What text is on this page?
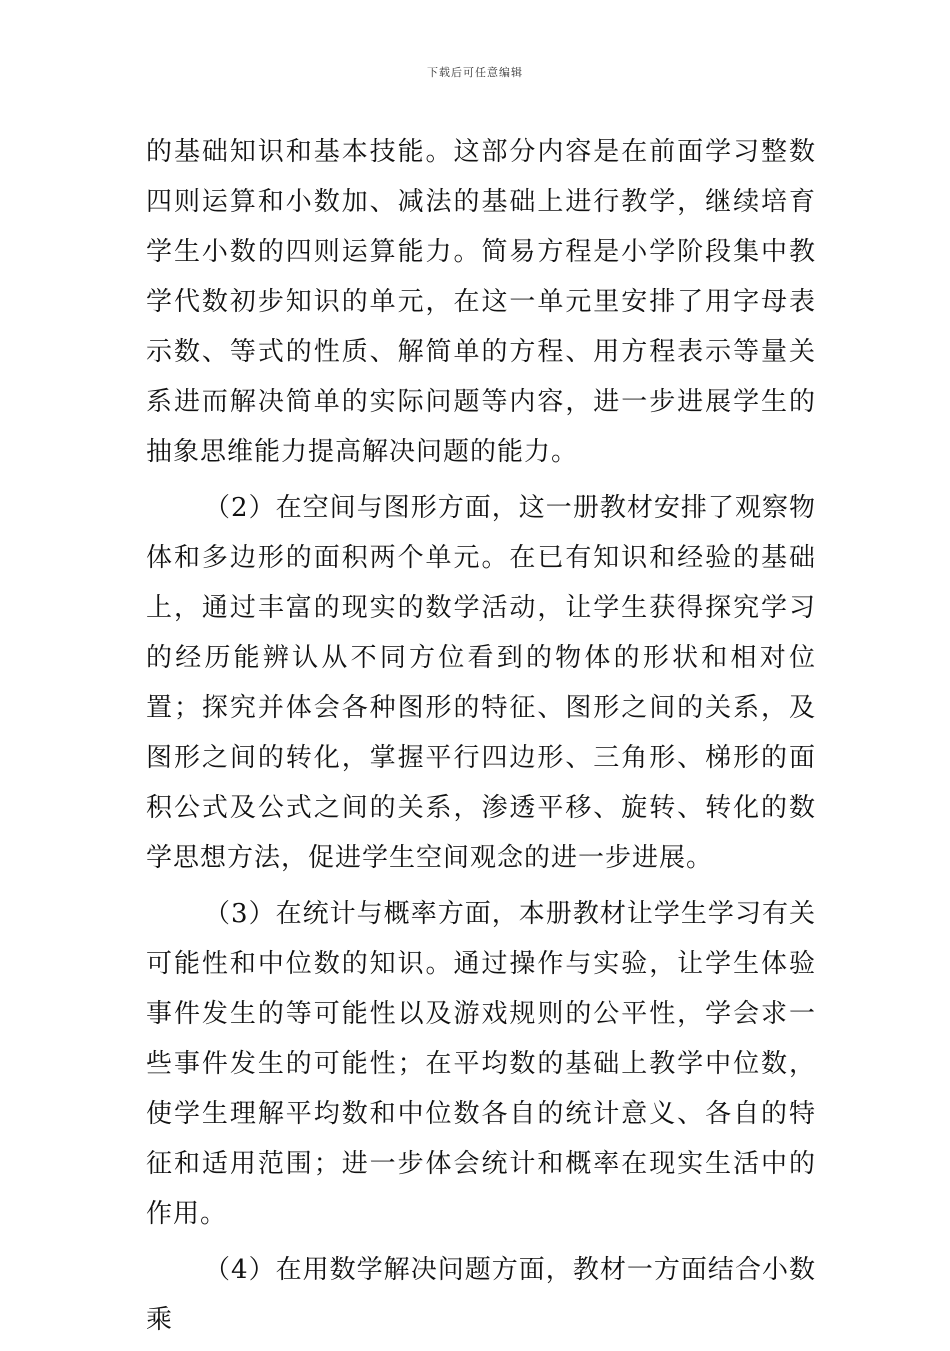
下载后可任意编辑

的基础知识和基本技能。这部分内容是在前面学习整数四则运算和小数加、减法的基础上进行教学，继续培育学生小数的四则运算能力。简易方程是小学阶段集中教学代数初步知识的单元，在这一单元里安排了用字母表示数、等式的性质、解简单的方程、用方程表示等量关系进而解决简单的实际问题等内容，进一步进展学生的抽象思维能力提高解决问题的能力。

（2）在空间与图形方面，这一册教材安排了观察物体和多边形的面积两个单元。在已有知识和经验的基础上，通过丰富的现实的数学活动，让学生获得探究学习的经历能辨认从不同方位看到的物体的形状和相对位置；探究并体会各种图形的特征、图形之间的关系，及图形之间的转化，掌握平行四边形、三角形、梯形的面积公式及公式之间的关系，渗透平移、旋转、转化的数学思想方法，促进学生空间观念的进一步进展。

（3）在统计与概率方面，本册教材让学生学习有关可能性和中位数的知识。通过操作与实验，让学生体验事件发生的等可能性以及游戏规则的公平性，学会求一些事件发生的可能性；在平均数的基础上教学中位数，使学生理解平均数和中位数各自的统计意义、各自的特征和适用范围；进一步体会统计和概率在现实生活中的作用。

（4）在用数学解决问题方面，教材一方面结合小数乘
